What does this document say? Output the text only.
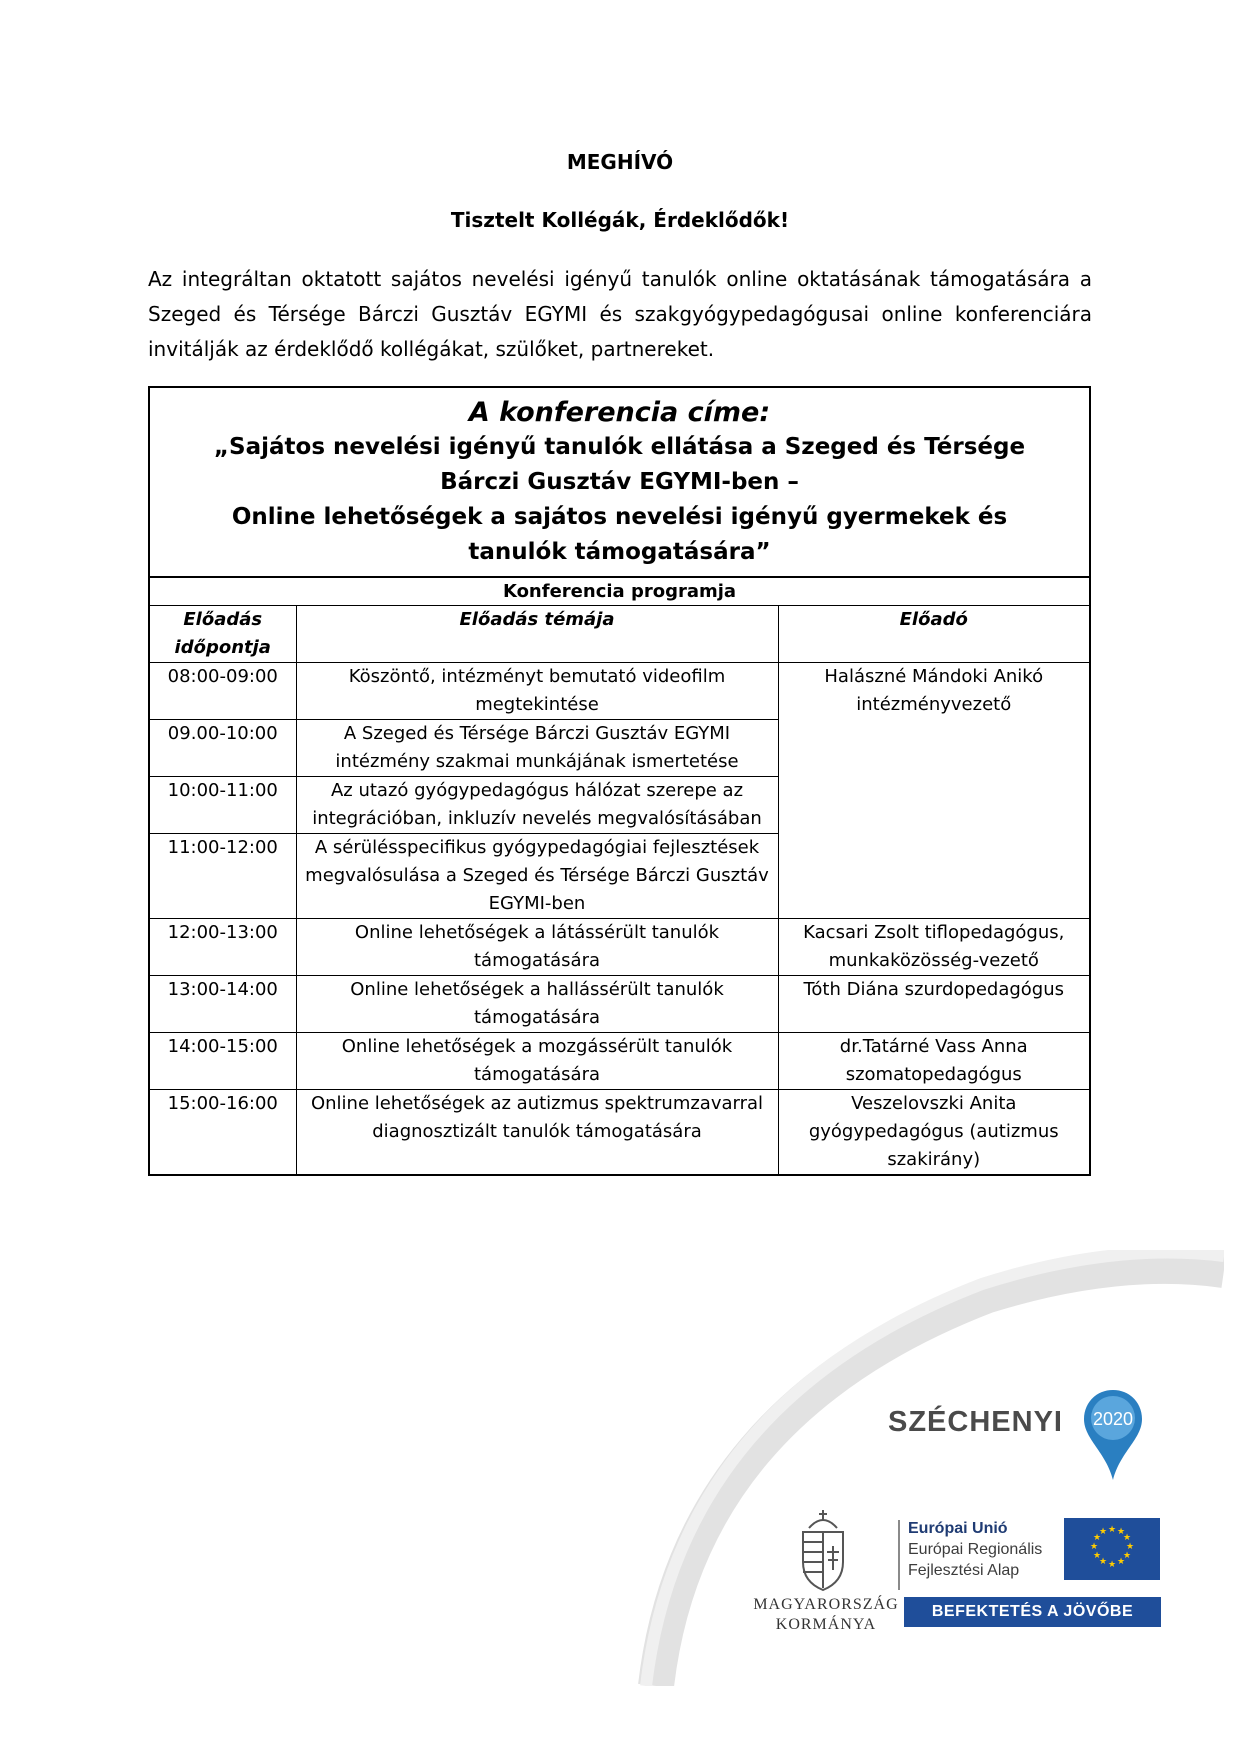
MEGHÍVÓ
Tisztelt Kollégák, Érdeklődők!

Az integráltan oktatott sajátos nevelési igényű tanulók online oktatásának támogatására a Szeged és Térsége Bárczi Gusztáv EGYMI és szakgyógypedagógusai online konferenciára invitálják az érdeklődő kollégákat, szülőket, partnereket.

A konferencia címe:
„Sajátos nevelési igényű tanulók ellátása a Szeged és Térsége
Bárczi Gusztáv EGYMI-ben –
Online lehetőségek a sajátos nevelési igényű gyermekek és
tanulók támogatására”
Konferencia programja
Előadás időpontja	Előadás témája	Előadó
08:00-09:00	Köszöntő, intézményt bemutató videofilm megtekintése	Halászné Mándoki Anikó intézményvezető
09.00-10:00	A Szeged és Térsége Bárczi Gusztáv EGYMI intézmény szakmai munkájának ismertetése	
10:00-11:00	Az utazó gyógypedagógus hálózat szerepe az integrációban, inkluzív nevelés megvalósításában	
11:00-12:00	A sérülésspecifikus gyógypedagógiai fejlesztések megvalósulása a Szeged és Térsége Bárczi Gusztáv EGYMI-ben	
12:00-13:00	Online lehetőségek a látássérült tanulók támogatására	Kacsari Zsolt tiflopedagógus, munkaközösség-vezető
13:00-14:00	Online lehetőségek a hallássérült tanulók támogatására	Tóth Diána szurdopedagógus
14:00-15:00	Online lehetőségek a mozgássérült tanulók támogatására	dr.Tatárné Vass Anna szomatopedagógus
15:00-16:00	Online lehetőségek az autizmus spektrumzavarral diagnosztizált tanulók támogatására	Veszelovszki Anita gyógypedagógus (autizmus szakirány)
SZÉCHENYI 2020
MAGYARORSZÁG
KORMÁNYA
Európai Unió
Európai Regionális
Fejlesztési Alap
★ ★
★
★
★
★
★
★
★
★
★
★
BEFEKTETÉS A JÖVŐBE
